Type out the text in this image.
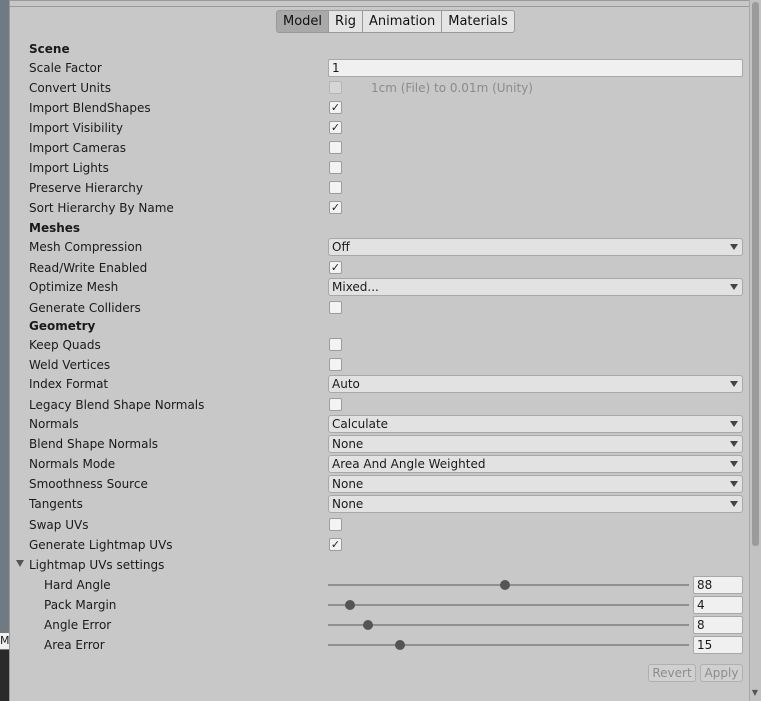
M
▼
Model	Rig	Animation	Materials
Scene
Scale Factor	1
Convert Units	1cm (File) to 0.01m (Unity)
Import BlendShapes	✓
Import Visibility	✓
Import Cameras
Import Lights
Preserve Hierarchy
Sort Hierarchy By Name	✓
Meshes
Mesh Compression	Off
Read/Write Enabled	✓
Optimize Mesh	Mixed...
Generate Colliders
Geometry
Keep Quads
Weld Vertices
Index Format	Auto
Legacy Blend Shape Normals
Normals	Calculate
Blend Shape Normals	None
Normals Mode	Area And Angle Weighted
Smoothness Source	None
Tangents	None
Swap UVs
Generate Lightmap UVs	✓
Lightmap UVs settings
Hard Angle	88
Pack Margin	4
Angle Error	8
Area Error	15
Revert	Apply
